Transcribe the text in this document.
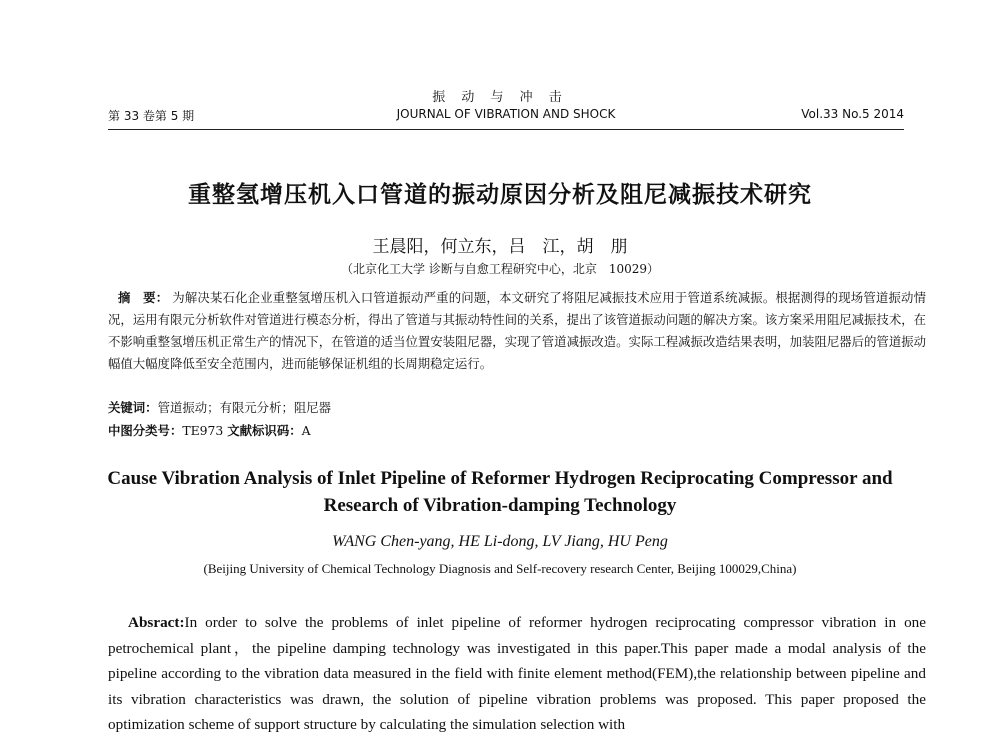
振 动 与 冲 击
第 33 卷第 5 期	JOURNAL OF VIBRATION AND SHOCK	Vol.33 No.5 2014
重整氢增压机入口管道的振动原因分析及阻尼减振技术研究
王晨阳，何立东，吕　江，胡　朋
（北京化工大学 诊断与自愈工程研究中心，北京　10029）

摘　要： 为解决某石化企业重整氢增压机入口管道振动严重的问题，本文研究了将阻尼减振技术应用于管道系统减振。根据测得的现场管道振动情况，运用有限元分析软件对管道进行模态分析，得出了管道与其振动特性间的关系，提出了该管道振动问题的解决方案。该方案采用阻尼减振技术，在不影响重整氢增压机正常生产的情况下，在管道的适当位置安装阻尼器，实现了管道减振改造。实际工程减振改造结果表明，加装阻尼器后的管道振动幅值大幅度降低至安全范围内，进而能够保证机组的长周期稳定运行。

关键词：管道振动；有限元分析；阻尼器
中图分类号：TE973 文献标识码：A
Cause Vibration Analysis of Inlet Pipeline of Reformer Hydrogen Reciprocating Compressor and
Research of Vibration-damping Technology
WANG Chen-yang, HE Li-dong, LV Jiang, HU Peng
(Beijing University of Chemical Technology Diagnosis and Self-recovery research Center, Beijing 100029,China)

Absract:In order to solve the problems of inlet pipeline of reformer hydrogen reciprocating compressor vibration in one petrochemical plant，the pipeline damping technology was investigated in this paper.This paper made a modal analysis of the pipeline according to the vibration data measured in the field with finite element method(FEM),the relationship between pipeline and its vibration characteristics was drawn, the solution of pipeline vibration problems was proposed. This paper proposed the optimization scheme of support structure by calculating the simulation selection with
